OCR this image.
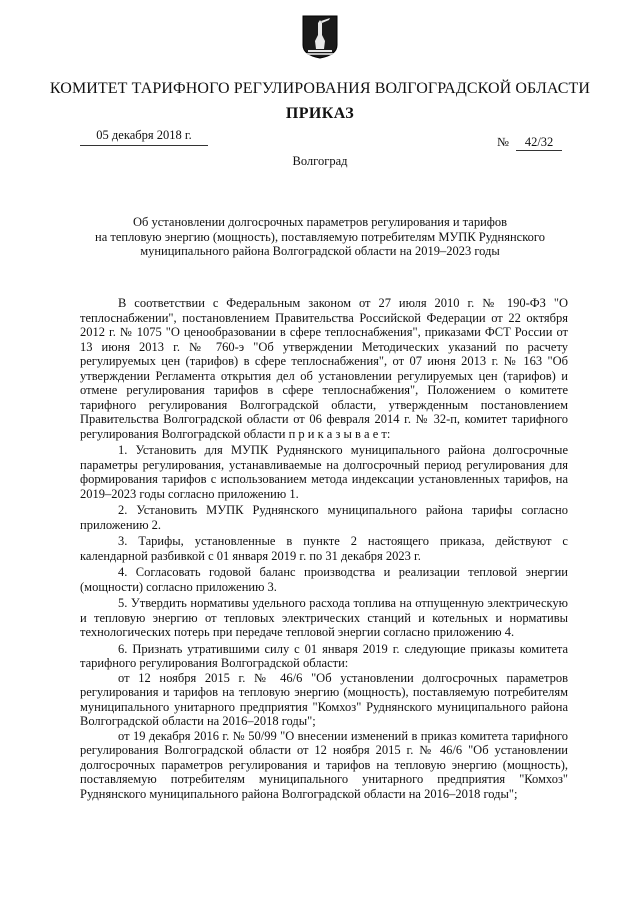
КОМИТЕТ ТАРИФНОГО РЕГУЛИРОВАНИЯ ВОЛГОГРАДСКОЙ ОБЛАСТИ
ПРИКАЗ
05 декабря 2018 г.	№ 42/32
Волгоград
Об установлении долгосрочных параметров регулирования и тарифов
на тепловую энергию (мощность), поставляемую потребителям МУПК Руднянского
муниципального района Волгоградской области на 2019–2023 годы

В соответствии с Федеральным законом от 27 июля 2010 г. № 190-ФЗ "О теплоснабжении", постановлением Правительства Российской Федерации от 22 октября 2012 г. № 1075 "О ценообразовании в сфере теплоснабжения", приказами ФСТ России от 13 июня 2013 г. № 760-э "Об утверждении Методических указаний по расчету регулируемых цен (тарифов) в сфере теплоснабжения", от 07 июня 2013 г. № 163 "Об утверждении Регламента открытия дел об установлении регулируемых цен (тарифов) и отмене регулирования тарифов в сфере теплоснабжения", Положением о комитете тарифного регулирования Волгоградской области, утвержденным постановлением Правительства Волгоградской области от 06 февраля 2014 г. № 32-п, комитет тарифного регулирования Волгоградской области п р и к а з ы в а е т:

1. Установить для МУПК Руднянского муниципального района долгосрочные параметры регулирования, устанавливаемые на долгосрочный период регулирования для формирования тарифов с использованием метода индексации установленных тарифов, на 2019–2023 годы согласно приложению 1.

2. Установить МУПК Руднянского муниципального района тарифы согласно приложению 2.

3. Тарифы, установленные в пункте 2 настоящего приказа, действуют с календарной разбивкой с 01 января 2019 г. по 31 декабря 2023 г.

4. Согласовать годовой баланс производства и реализации тепловой энергии (мощности) согласно приложению 3.

5. Утвердить нормативы удельного расхода топлива на отпущенную электрическую и тепловую энергию от тепловых электрических станций и котельных и нормативы технологических потерь при передаче тепловой энергии согласно приложению 4.

6. Признать утратившими силу с 01 января 2019 г. следующие приказы комитета тарифного регулирования Волгоградской области:

от 12 ноября 2015 г. № 46/6 "Об установлении долгосрочных параметров регулирования и тарифов на тепловую энергию (мощность), поставляемую потребителям муниципального унитарного предприятия "Комхоз" Руднянского муниципального района Волгоградской области на 2016–2018 годы";

от 19 декабря 2016 г. № 50/99 "О внесении изменений в приказ комитета тарифного регулирования Волгоградской области от 12 ноября 2015 г. № 46/6 "Об установлении долгосрочных параметров регулирования и тарифов на тепловую энергию (мощность), поставляемую потребителям муниципального унитарного предприятия "Комхоз" Руднянского муниципального района Волгоградской области на 2016–2018 годы";
